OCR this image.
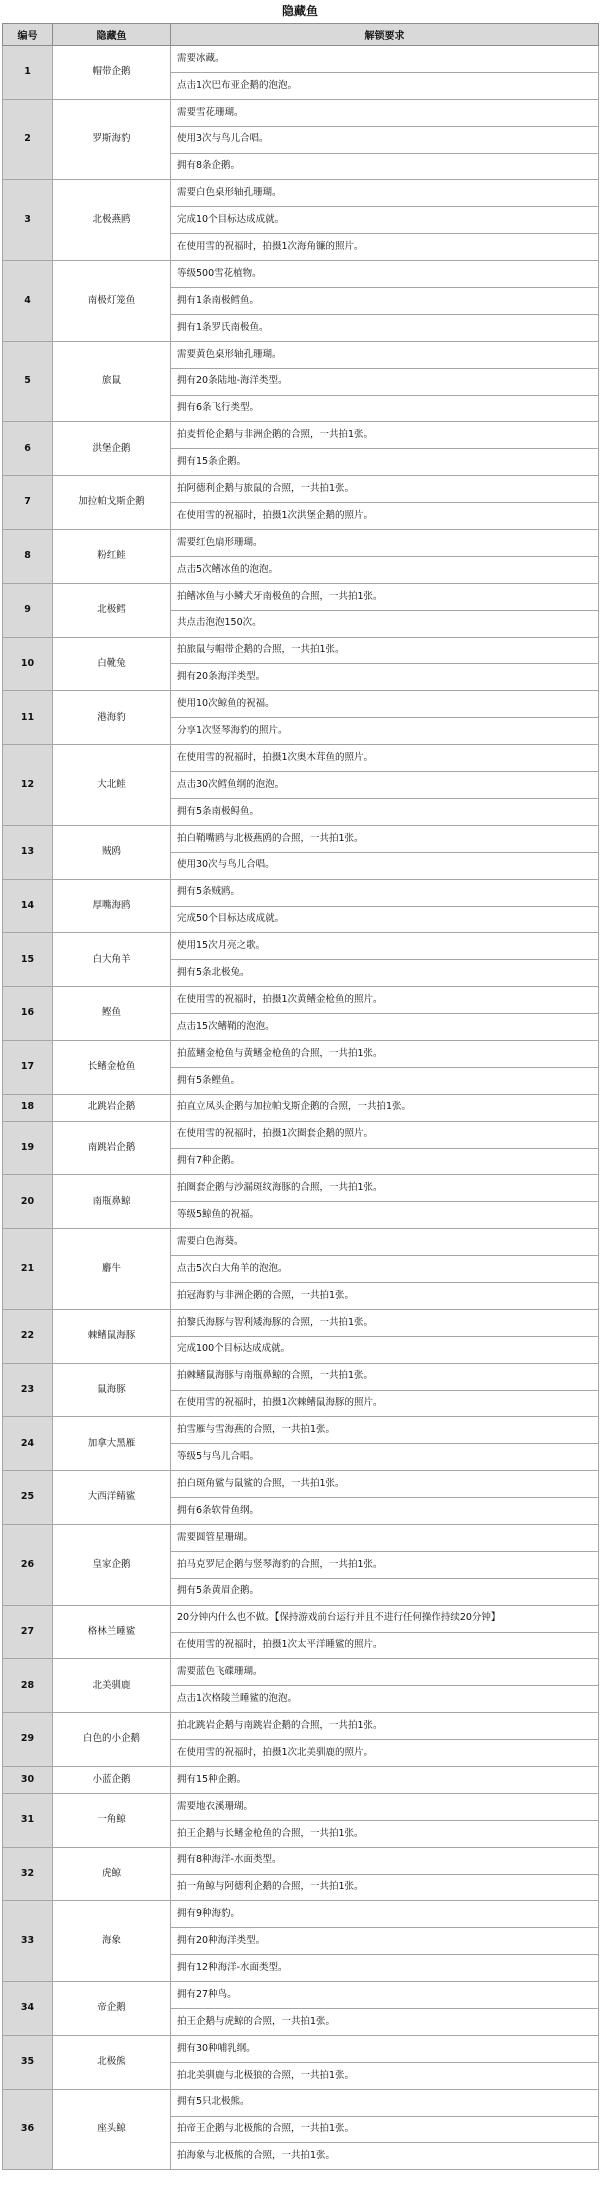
隐藏鱼
编号	隐藏鱼	解锁要求
1	帽带企鹅	需要冰藏。
		点击1次巴布亚企鹅的泡泡。
2	罗斯海豹	需要雪花珊瑚。
		使用3次与鸟儿合唱。
		拥有8条企鹅。
3	北极燕鸥	需要白色桌形轴孔珊瑚。
		完成10个目标达成成就。
		在使用雪的祝福时，拍摄1次海角镰的照片。
4	南极灯笼鱼	等级500雪花植物。
		拥有1条南极鳕鱼。
		拥有1条罗氏南极鱼。
5	旅鼠	需要黄色桌形轴孔珊瑚。
		拥有20条陆地-海洋类型。
		拥有6条飞行类型。
6	洪堡企鹅	拍麦哲伦企鹅与非洲企鹅的合照，一共拍1张。
		拥有15条企鹅。
7	加拉帕戈斯企鹅	拍阿德利企鹅与旅鼠的合照，一共拍1张。
		在使用雪的祝福时，拍摄1次洪堡企鹅的照片。
8	粉红鲑	需要红色扇形珊瑚。
		点击5次鳍冰鱼的泡泡。
9	北极鳕	拍鳍冰鱼与小鳞犬牙南极鱼的合照，一共拍1张。
		共点击泡泡150次。
10	白靴兔	拍旅鼠与帽带企鹅的合照，一共拍1张。
		拥有20条海洋类型。
11	港海豹	使用10次鲸鱼的祝福。
		分享1次竖琴海豹的照片。
12	大北鲑	在使用雪的祝福时，拍摄1次奥木茸鱼的照片。
		点击30次鳕鱼纲的泡泡。
		拥有5条南极鲟鱼。
13	贼鸥	拍白鞘嘴鸥与北极燕鸥的合照，一共拍1张。
		使用30次与鸟儿合唱。
14	厚嘴海鸥	拥有5条贼鸥。
		完成50个目标达成成就。
15	白大角羊	使用15次月亮之歌。
		拥有5条北极兔。
16	鲣鱼	在使用雪的祝福时，拍摄1次黄鳍金枪鱼的照片。
		点击15次鳍鞘的泡泡。
17	长鳍金枪鱼	拍蓝鳍金枪鱼与黄鳍金枪鱼的合照，一共拍1张。
		拥有5条鲣鱼。
18	北跳岩企鹅	拍直立凤头企鹅与加拉帕戈斯企鹅的合照，一共拍1张。
19	南跳岩企鹅	在使用雪的祝福时，拍摄1次圈套企鹅的照片。
		拥有7种企鹅。
20	南瓶鼻鲸	拍圈套企鹅与沙漏斑纹海豚的合照，一共拍1张。
		等级5鲸鱼的祝福。
21	麝牛	需要白色海葵。
		点击5次白大角羊的泡泡。
		拍冠海豹与非洲企鹅的合照，一共拍1张。
22	棘鳍鼠海豚	拍黎氏海豚与智利矮海豚的合照，一共拍1张。
		完成100个目标达成成就。
23	鼠海豚	拍棘鳍鼠海豚与南瓶鼻鲸的合照，一共拍1张。
		在使用雪的祝福时，拍摄1次棘鳍鼠海豚的照片。
24	加拿大黑雁	拍雪雁与雪海燕的合照，一共拍1张。
		等级5与鸟儿合唱。
25	大西洋鲭鲨	拍白斑角鲨与鼠鲨的合照，一共拍1张。
		拥有6条软骨鱼纲。
26	皇家企鹅	需要圆管星珊瑚。
		拍马克罗尼企鹅与竖琴海豹的合照，一共拍1张。
		拥有5条黄眉企鹅。
27	格林兰睡鲨	20分钟内什么也不做。【保持游戏前台运行并且不进行任何操作持续20分钟】
		在使用雪的祝福时，拍摄1次太平洋睡鲨的照片。
28	北美驯鹿	需要蓝色飞碟珊瑚。
		点击1次格陵兰睡鲨的泡泡。
29	白色的小企鹅	拍北跳岩企鹅与南跳岩企鹅的合照，一共拍1张。
		在使用雪的祝福时，拍摄1次北美驯鹿的照片。
30	小蓝企鹅	拥有15种企鹅。
31	一角鲸	需要地衣溪珊瑚。
		拍王企鹅与长鳍金枪鱼的合照，一共拍1张。
32	虎鲸	拥有8种海洋-水面类型。
		拍一角鲸与阿德利企鹅的合照，一共拍1张。
33	海象	拥有9种海豹。
		拥有20种海洋类型。
		拥有12种海洋-水面类型。
34	帝企鹅	拥有27种鸟。
		拍王企鹅与虎鲸的合照，一共拍1张。
35	北极熊	拥有30种哺乳纲。
		拍北美驯鹿与北极狼的合照，一共拍1张。
36	座头鲸	拥有5只北极熊。
		拍帝王企鹅与北极熊的合照，一共拍1张。
		拍海象与北极熊的合照，一共拍1张。
